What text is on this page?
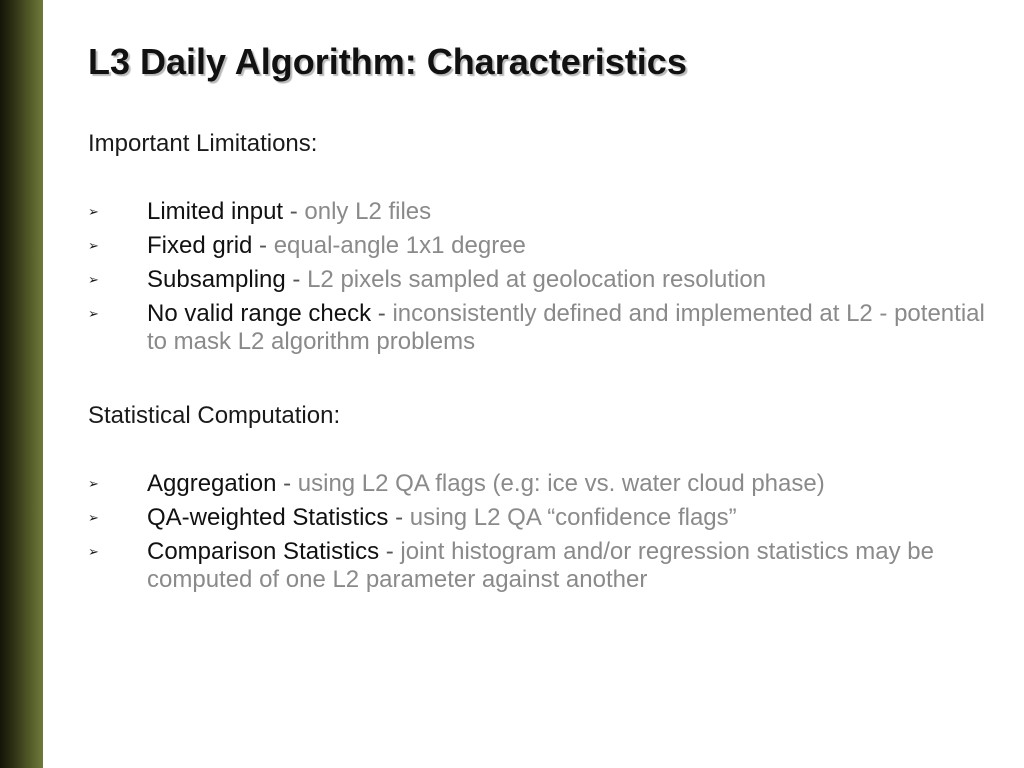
L3 Daily Algorithm: Characteristics

Important Limitations:

➢ Limited input - only L2 files
➢ Fixed grid - equal-angle 1x1 degree
➢ Subsampling - L2 pixels sampled at geolocation resolution
➢ No valid range check - inconsistently defined and implemented at L2 - potential to mask L2 algorithm problems

Statistical Computation:

➢ Aggregation - using L2 QA flags (e.g: ice vs. water cloud phase)
➢ QA-weighted Statistics - using L2 QA “confidence flags”
➢ Comparison Statistics - joint histogram and/or regression statistics may be computed of one L2 parameter against another
